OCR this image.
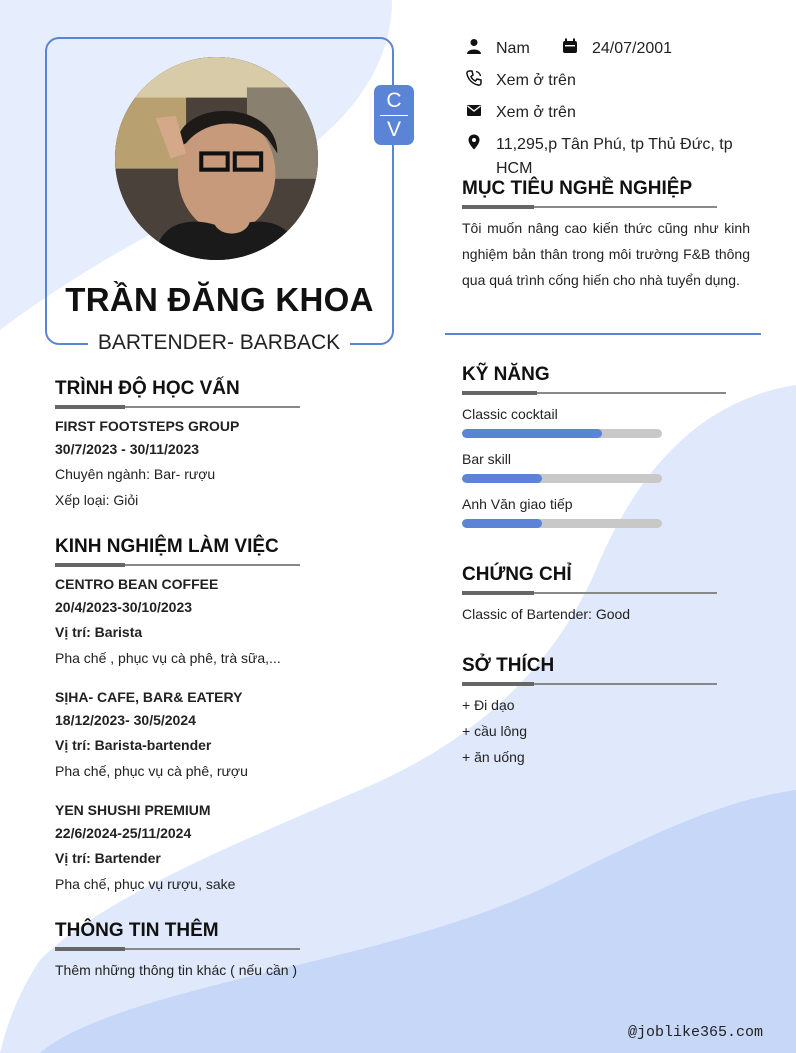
C
V
TRẦN ĐĂNG KHOA
BARTENDER- BARBACK
Nam	24/07/2001
Xem ở trên
Xem ở trên
11,295,p Tân Phú, tp Thủ Đức, tp HCM
MỤC TIÊU NGHỀ NGHIỆP
Tôi muốn nâng cao kiến thức cũng như kinh nghiệm bản thân trong môi trường F&B thông qua quá trình cống hiến cho nhà tuyển dụng.
TRÌNH ĐỘ HỌC VẤN
FIRST FOOTSTEPS GROUP
30/7/2023 - 30/11/2023
Chuyên ngành: Bar- rượu
Xếp loại: Giỏi
KINH NGHIỆM LÀM VIỆC
CENTRO BEAN COFFEE
20/4/2023-30/10/2023
Vị trí: Barista
Pha chế , phục vụ cà phê, trà sữa,...
SỊHA- CAFE, BAR& EATERY
18/12/2023- 30/5/2024
Vị trí: Barista-bartender
Pha chế, phục vụ cà phê, rượu
YEN SHUSHI PREMIUM
22/6/2024-25/11/2024
Vị trí: Bartender
Pha chế, phục vụ rượu, sake
THÔNG TIN THÊM
Thêm những thông tin khác ( nếu cần )
KỸ NĂNG
Classic cocktail
Bar skill
Anh Văn giao tiếp
CHỨNG CHỈ
Classic of Bartender: Good
SỞ THÍCH
+ Đi dạo
+ cầu lông
+ ăn uống
@joblike365.com
